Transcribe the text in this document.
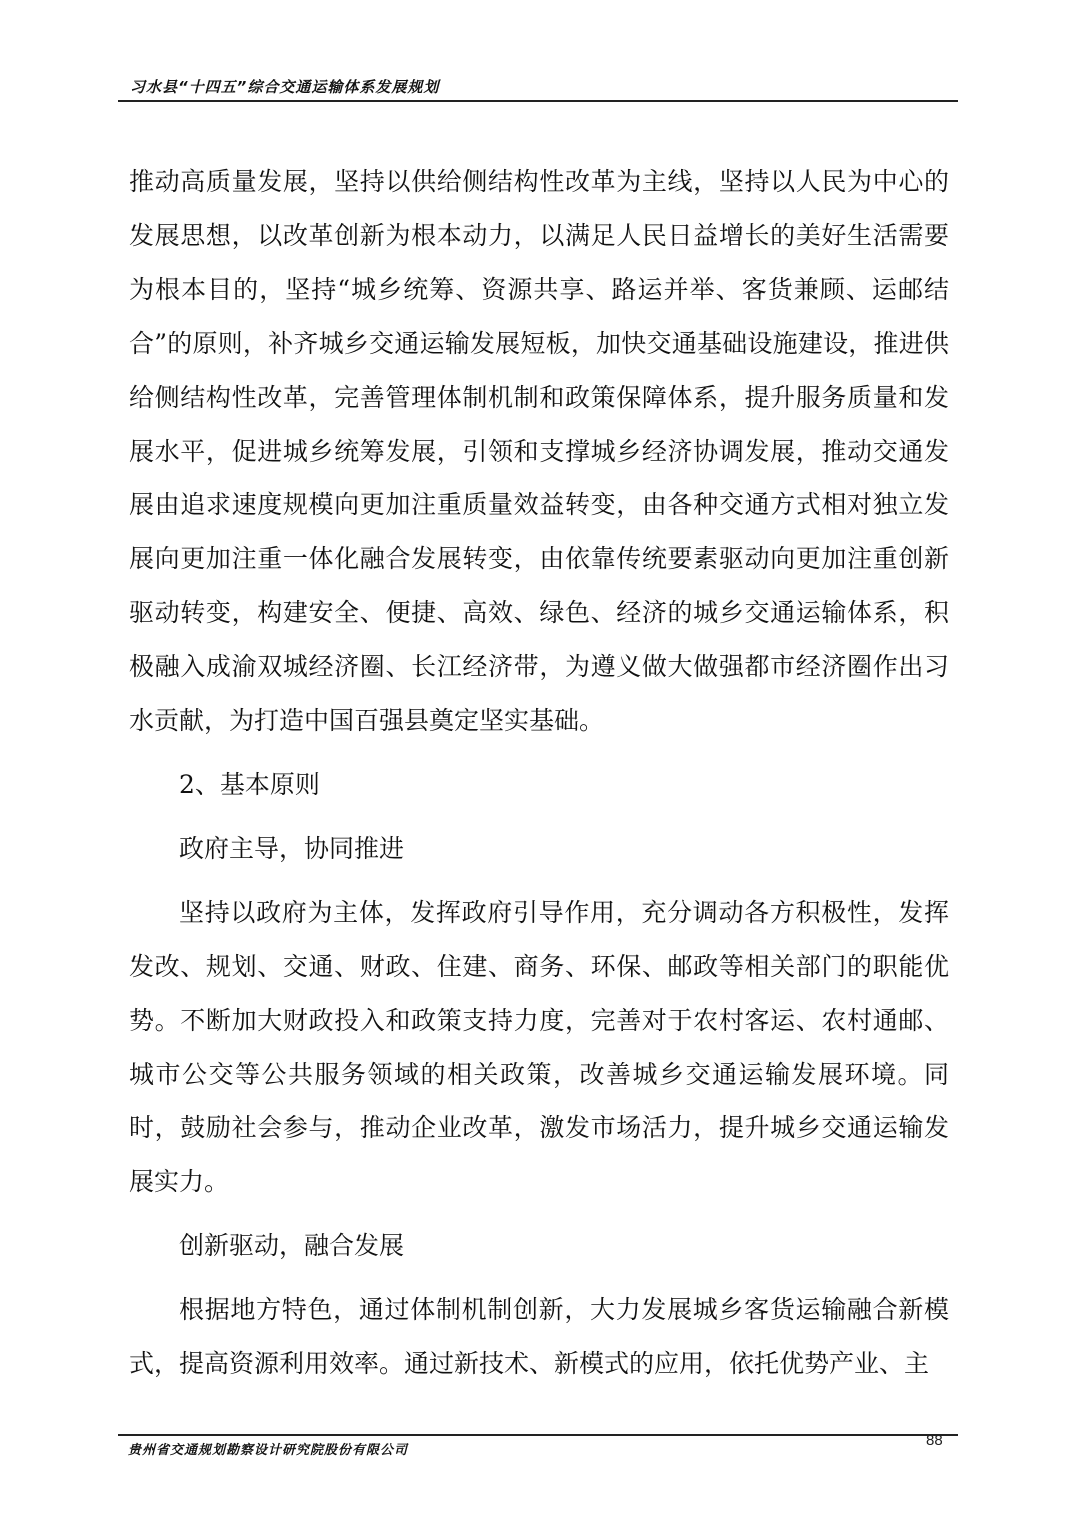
习水县“十四五”综合交通运输体系发展规划

推动高质量发展，坚持以供给侧结构性改革为主线，坚持以人民为中心的发展思想，以改革创新为根本动力，以满足人民日益增长的美好生活需要为根本目的，坚持“城乡统筹、资源共享、路运并举、客货兼顾、运邮结合”的原则，补齐城乡交通运输发展短板，加快交通基础设施建设，推进供给侧结构性改革，完善管理体制机制和政策保障体系，提升服务质量和发展水平，促进城乡统筹发展，引领和支撑城乡经济协调发展，推动交通发展由追求速度规模向更加注重质量效益转变，由各种交通方式相对独立发展向更加注重一体化融合发展转变，由依靠传统要素驱动向更加注重创新驱动转变，构建安全、便捷、高效、绿色、经济的城乡交通运输体系，积极融入成渝双城经济圈、长江经济带，为遵义做大做强都市经济圈作出习水贡献，为打造中国百强县奠定坚实基础。

2、基本原则

政府主导，协同推进

坚持以政府为主体，发挥政府引导作用，充分调动各方积极性，发挥发改、规划、交通、财政、住建、商务、环保、邮政等相关部门的职能优势。不断加大财政投入和政策支持力度，完善对于农村客运、农村通邮、城市公交等公共服务领域的相关政策，改善城乡交通运输发展环境。同时，鼓励社会参与，推动企业改革，激发市场活力，提升城乡交通运输发展实力。

创新驱动，融合发展

根据地方特色，通过体制机制创新，大力发展城乡客货运输融合新模式，提高资源利用效率。通过新技术、新模式的应用，依托优势产业、主

贵州省交通规划勘察设计研究院股份有限公司
88
